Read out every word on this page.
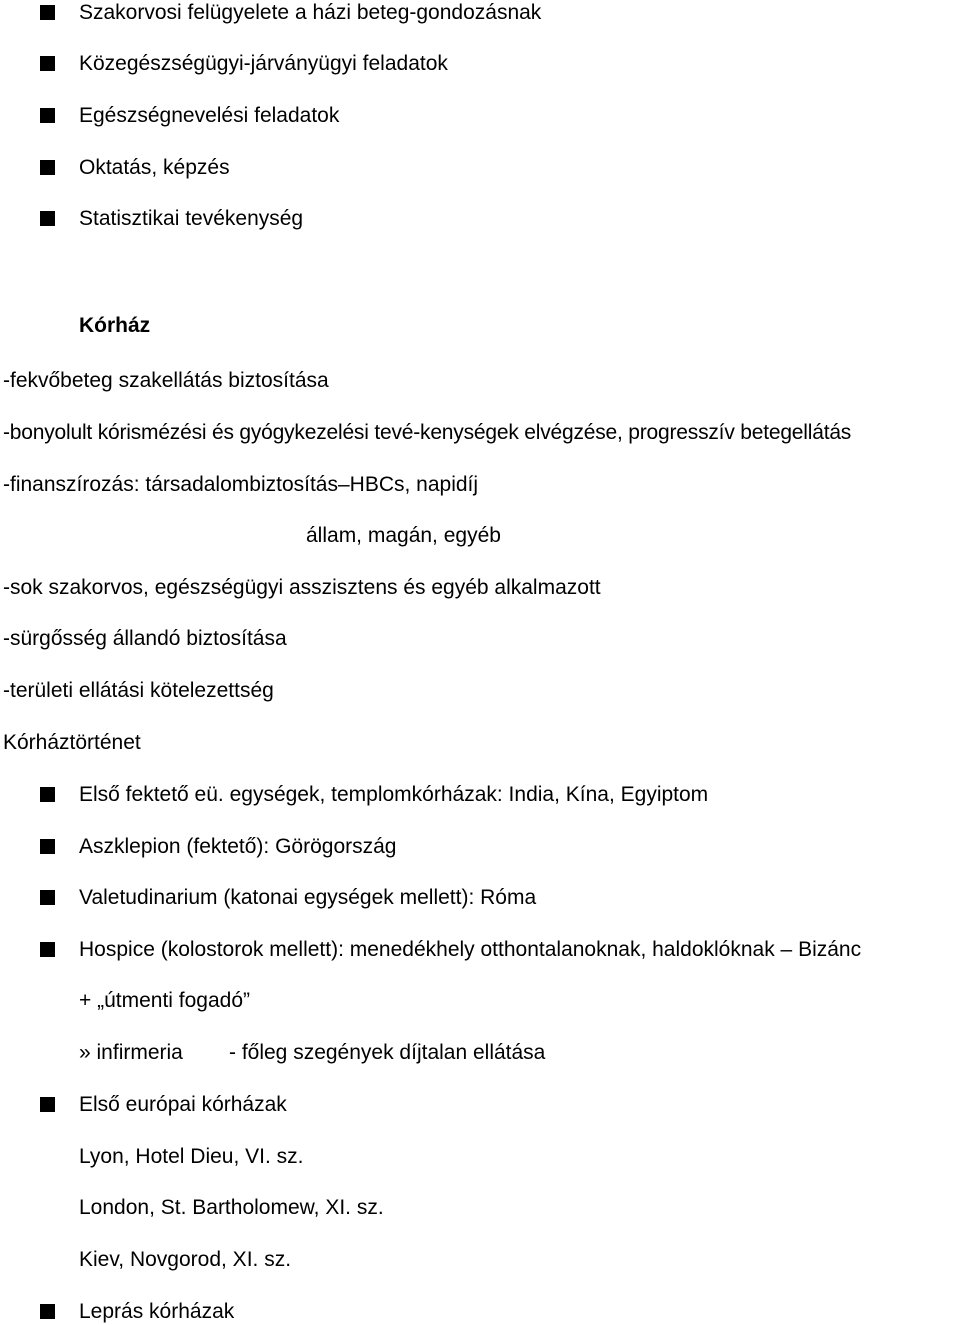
Szakorvosi felügyelete a házi beteg-gondozásnak
Közegészségügyi-járványügyi feladatok
Egészségnevelési feladatok
Oktatás, képzés
Statisztikai tevékenység
Kórház
-fekvőbeteg szakellátás biztosítása
-bonyolult kórismézési és gyógykezelési tevé-kenységek elvégzése, progresszív betegellátás
-finanszírozás: társadalombiztosítás–HBCs, napidíj
állam, magán, egyéb
-sok szakorvos, egészségügyi asszisztens és egyéb alkalmazott
-sürgősség állandó biztosítása
-területi ellátási kötelezettség
Kórháztörténet
Első fektető eü. egységek, templomkórházak: India, Kína, Egyiptom
Aszklepion (fektető): Görögország
Valetudinarium (katonai egységek mellett): Róma
Hospice (kolostorok mellett): menedékhely otthontalanoknak, haldoklóknak – Bizánc
+ „útmenti fogadó”
» infirmeria - főleg szegények díjtalan ellátása
Első európai kórházak
Lyon, Hotel Dieu, VI. sz.
London, St. Bartholomew, XI. sz.
Kiev, Novgorod, XI. sz.
Leprás kórházak
